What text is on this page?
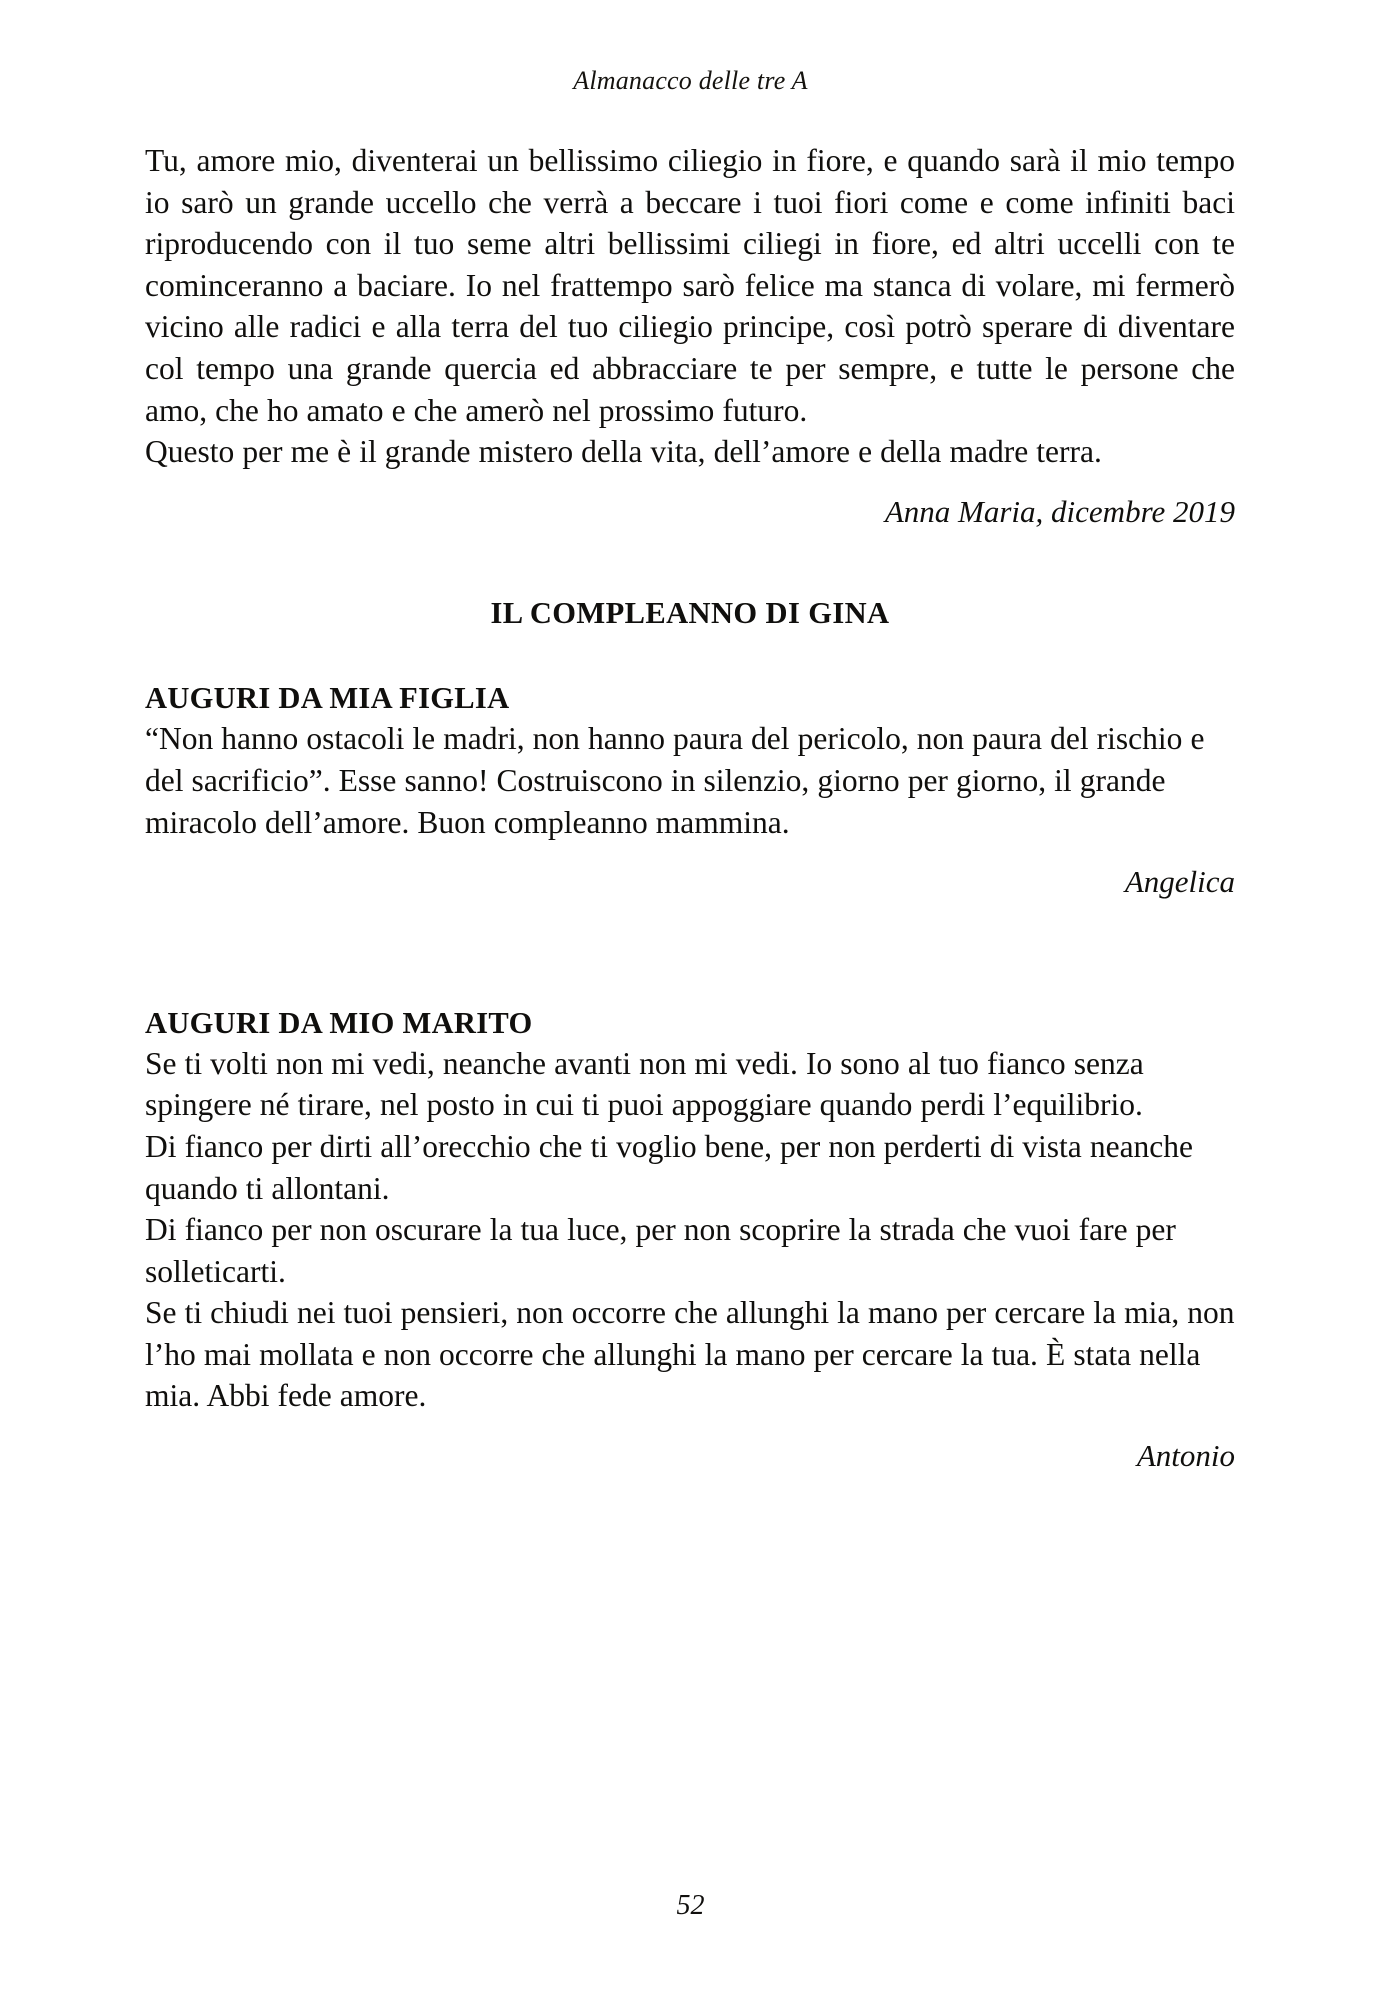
Almanacco delle tre A

Tu, amore mio, diventerai un bellissimo ciliegio in fiore, e quando sarà il mio tempo io sarò un grande uccello che verrà a beccare i tuoi fiori come e come infiniti baci riproducendo con il tuo seme altri bellissimi ciliegi in fiore, ed altri uccelli con te cominceranno a baciare. Io nel frattempo sarò felice ma stanca di volare, mi fermerò vicino alle radici e alla terra del tuo ciliegio principe, così potrò sperare di diventare col tempo una grande quercia ed abbracciare te per sempre, e tutte le persone che amo, che ho amato e che amerò nel prossimo futuro.

Questo per me è il grande mistero della vita, dell’amore e della madre terra.

Anna Maria, dicembre 2019

IL COMPLEANNO DI GINA
AUGURI DA MIA FIGLIA

“Non hanno ostacoli le madri, non hanno paura del pericolo, non paura del rischio e del sacrificio”. Esse sanno! Costruiscono in silenzio, giorno per giorno, il grande miracolo dell’amore. Buon compleanno mammina.

Angelica

AUGURI DA MIO MARITO

Se ti volti non mi vedi, neanche avanti non mi vedi. Io sono al tuo fianco senza spingere né tirare, nel posto in cui ti puoi appoggiare quando perdi l’equilibrio.

Di fianco per dirti all’orecchio che ti voglio bene, per non perderti di vista neanche quando ti allontani.

Di fianco per non oscurare la tua luce, per non scoprire la strada che vuoi fare per solleticarti.

Se ti chiudi nei tuoi pensieri, non occorre che allunghi la mano per cercare la mia, non l’ho mai mollata e non occorre che allunghi la mano per cercare la tua. È stata nella mia. Abbi fede amore.

Antonio

52
